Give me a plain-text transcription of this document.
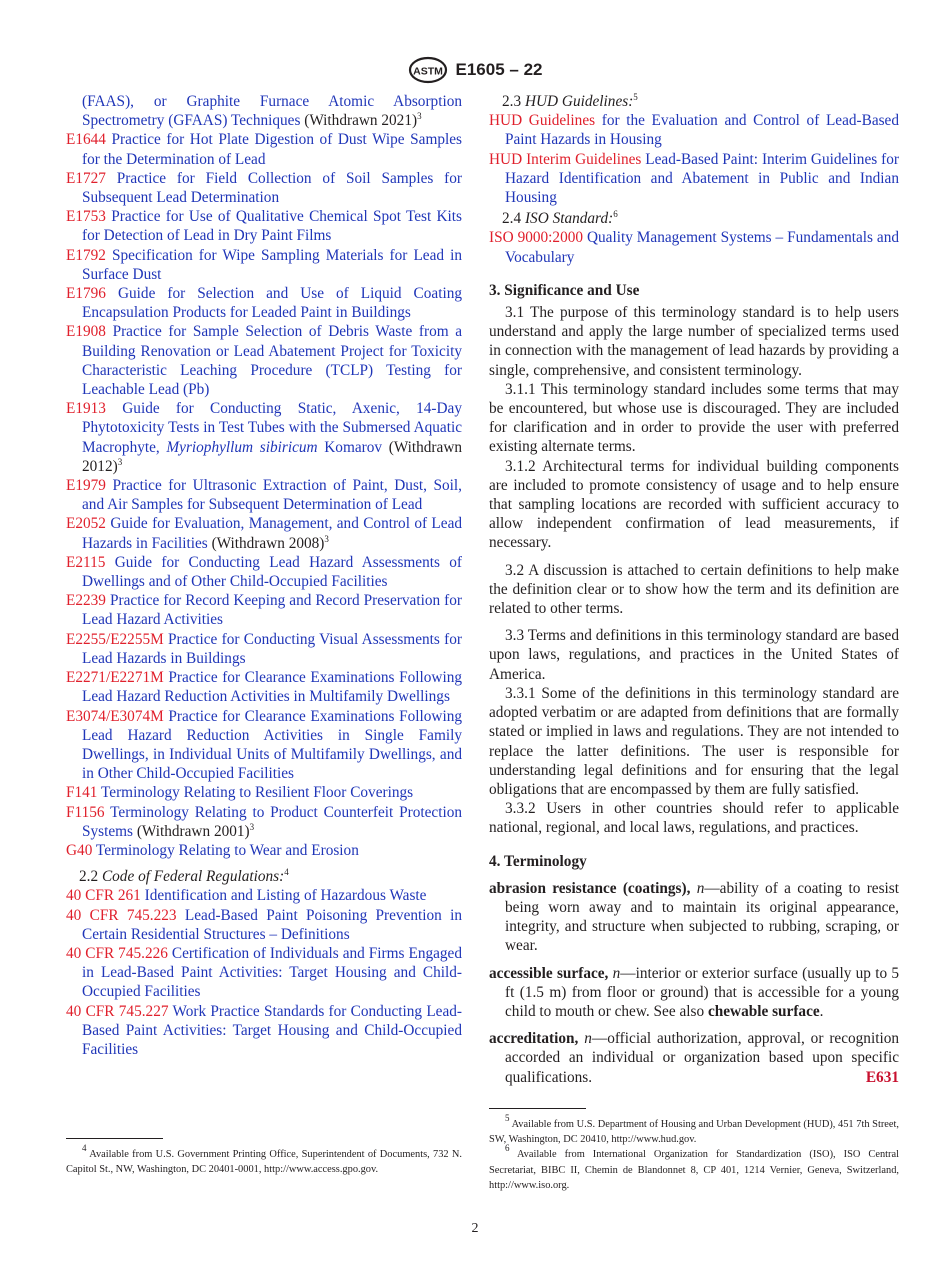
ASTM E1605 – 22
(FAAS), or Graphite Furnace Atomic Absorption Spectrometry (GFAAS) Techniques (Withdrawn 2021)$^3$
E1644 Practice for Hot Plate Digestion of Dust Wipe Samples for the Determination of Lead
E1727 Practice for Field Collection of Soil Samples for Subsequent Lead Determination
E1753 Practice for Use of Qualitative Chemical Spot Test Kits for Detection of Lead in Dry Paint Films
E1792 Specification for Wipe Sampling Materials for Lead in Surface Dust
E1796 Guide for Selection and Use of Liquid Coating Encapsulation Products for Leaded Paint in Buildings
E1908 Practice for Sample Selection of Debris Waste from a Building Renovation or Lead Abatement Project for Toxicity Characteristic Leaching Procedure (TCLP) Testing for Leachable Lead (Pb)
E1913 Guide for Conducting Static, Axenic, 14-Day Phytotoxicity Tests in Test Tubes with the Submersed Aquatic Macrophyte, Myriophyllum sibiricum Komarov (Withdrawn 2012)$^3$
E1979 Practice for Ultrasonic Extraction of Paint, Dust, Soil, and Air Samples for Subsequent Determination of Lead
E2052 Guide for Evaluation, Management, and Control of Lead Hazards in Facilities (Withdrawn 2008)$^3$
E2115 Guide for Conducting Lead Hazard Assessments of Dwellings and of Other Child-Occupied Facilities
E2239 Practice for Record Keeping and Record Preservation for Lead Hazard Activities
E2255/E2255M Practice for Conducting Visual Assessments for Lead Hazards in Buildings
E2271/E2271M Practice for Clearance Examinations Following Lead Hazard Reduction Activities in Multifamily Dwellings
E3074/E3074M Practice for Clearance Examinations Following Lead Hazard Reduction Activities in Single Family Dwellings, in Individual Units of Multifamily Dwellings, and in Other Child-Occupied Facilities
F141 Terminology Relating to Resilient Floor Coverings
F1156 Terminology Relating to Product Counterfeit Protection Systems (Withdrawn 2001)$^3$
G40 Terminology Relating to Wear and Erosion
2.2 Code of Federal Regulations:$^4$
40 CFR 261 Identification and Listing of Hazardous Waste
40 CFR 745.223 Lead-Based Paint Poisoning Prevention in Certain Residential Structures – Definitions
40 CFR 745.226 Certification of Individuals and Firms Engaged in Lead-Based Paint Activities: Target Housing and Child-Occupied Facilities
40 CFR 745.227 Work Practice Standards for Conducting Lead-Based Paint Activities: Target Housing and Child-Occupied Facilities
2.3 HUD Guidelines:$^5$
HUD Guidelines for the Evaluation and Control of Lead-Based Paint Hazards in Housing
HUD Interim Guidelines Lead-Based Paint: Interim Guidelines for Hazard Identification and Abatement in Public and Indian Housing
2.4 ISO Standard:$^6$
ISO 9000:2000 Quality Management Systems – Fundamentals and Vocabulary
3. Significance and Use
3.1 The purpose of this terminology standard is to help users understand and apply the large number of specialized terms used in connection with the management of lead hazards by providing a single, comprehensive, and consistent terminology.
3.1.1 This terminology standard includes some terms that may be encountered, but whose use is discouraged. They are included for clarification and in order to provide the user with preferred existing alternate terms.
3.1.2 Architectural terms for individual building components are included to promote consistency of usage and to help ensure that sampling locations are recorded with sufficient accuracy to allow independent confirmation of lead measurements, if necessary.
3.2 A discussion is attached to certain definitions to help make the definition clear or to show how the term and its definition are related to other terms.
3.3 Terms and definitions in this terminology standard are based upon laws, regulations, and practices in the United States of America.
3.3.1 Some of the definitions in this terminology standard are adopted verbatim or are adapted from definitions that are formally stated or implied in laws and regulations. They are not intended to replace the latter definitions. The user is responsible for understanding legal definitions and for ensuring that the legal obligations that are encompassed by them are fully satisfied.
3.3.2 Users in other countries should refer to applicable national, regional, and local laws, regulations, and practices.
4. Terminology
abrasion resistance (coatings), n—ability of a coating to resist being worn away and to maintain its original appearance, integrity, and structure when subjected to rubbing, scraping, or wear.
accessible surface, n—interior or exterior surface (usually up to 5 ft (1.5 m) from floor or ground) that is accessible for a young child to mouth or chew. See also chewable surface.
accreditation, n—official authorization, approval, or recognition accorded an individual or organization based upon specific qualifications.	E631

$^4$ Available from U.S. Government Printing Office, Superintendent of Documents, 732 N. Capitol St., NW, Washington, DC 20401-0001, http://www.access.gpo.gov.

$^5$ Available from U.S. Department of Housing and Urban Development (HUD), 451 7th Street, SW, Washington, DC 20410, http://www.hud.gov.

$^6$ Available from International Organization for Standardization (ISO), ISO Central Secretariat, BIBC II, Chemin de Blandonnet 8, CP 401, 1214 Vernier, Geneva, Switzerland, http://www.iso.org.

2
